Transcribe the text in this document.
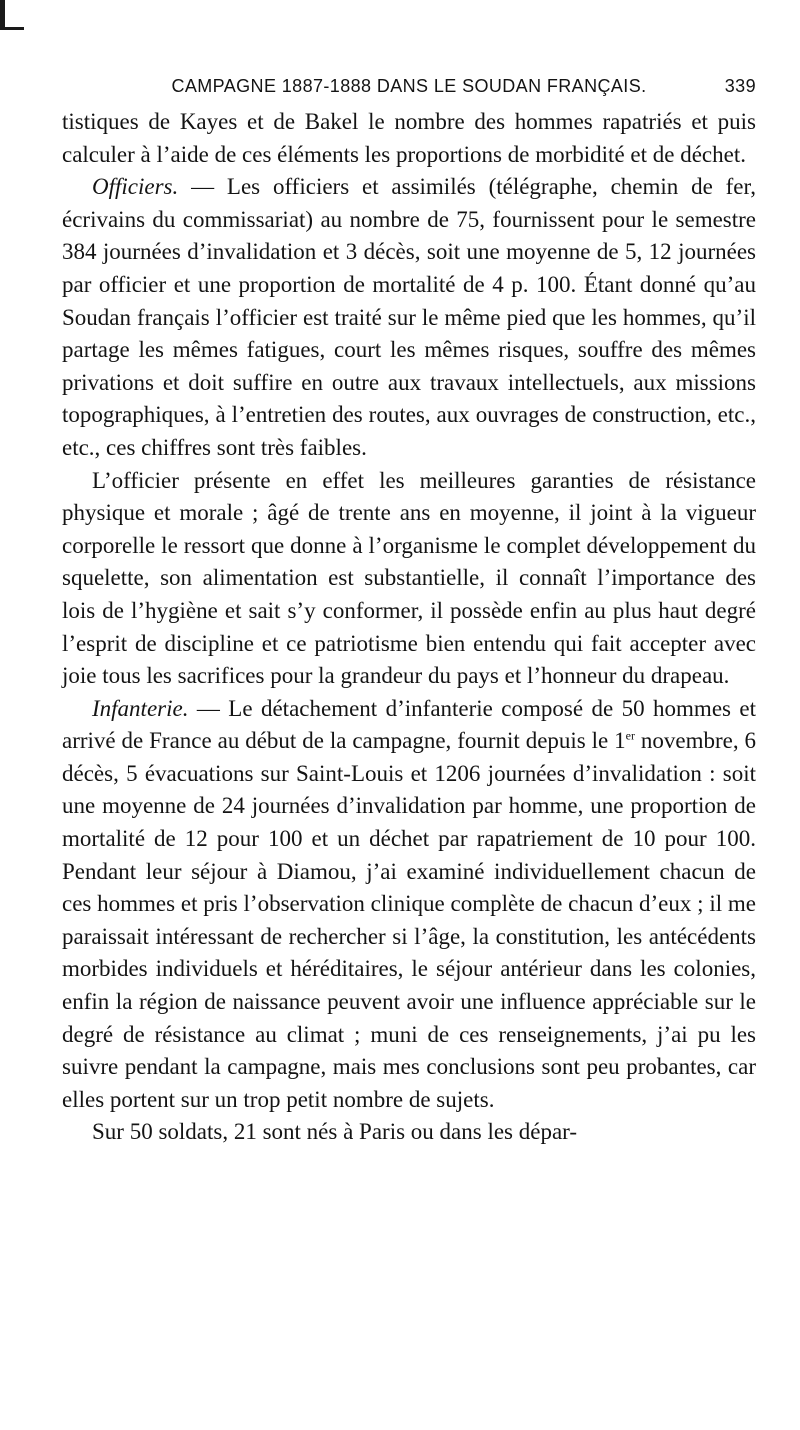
CAMPAGNE 1887-1888 DANS LE SOUDAN FRANÇAIS.	339

tistiques de Kayes et de Bakel le nombre des hommes rapatriés et puis calculer à l’aide de ces éléments les proportions de morbidité et de déchet.

Officiers. — Les officiers et assimilés (télégraphe, chemin de fer, écrivains du commissariat) au nombre de 75, fournissent pour le semestre 384 journées d’invalidation et 3 décès, soit une moyenne de 5, 12 journées par officier et une proportion de mortalité de 4 p. 100. Étant donné qu’au Soudan français l’officier est traité sur le même pied que les hommes, qu’il partage les mêmes fatigues, court les mêmes risques, souffre des mêmes privations et doit suffire en outre aux travaux intellectuels, aux missions topographiques, à l’entretien des routes, aux ouvrages de construction, etc., etc., ces chiffres sont très faibles.

L’officier présente en effet les meilleures garanties de résistance physique et morale ; âgé de trente ans en moyenne, il joint à la vigueur corporelle le ressort que donne à l’organisme le complet développement du squelette, son alimentation est substantielle, il connaît l’importance des lois de l’hygiène et sait s’y conformer, il possède enfin au plus haut degré l’esprit de discipline et ce patriotisme bien entendu qui fait accepter avec joie tous les sacrifices pour la grandeur du pays et l’honneur du drapeau.

Infanterie. — Le détachement d’infanterie composé de 50 hommes et arrivé de France au début de la campagne, fournit depuis le 1er novembre, 6 décès, 5 évacuations sur Saint-Louis et 1206 journées d’invalidation : soit une moyenne de 24 journées d’invalidation par homme, une proportion de mortalité de 12 pour 100 et un déchet par rapatriement de 10 pour 100. Pendant leur séjour à Diamou, j’ai examiné individuellement chacun de ces hommes et pris l’observation clinique complète de chacun d’eux ; il me paraissait intéressant de rechercher si l’âge, la constitution, les antécédents morbides individuels et héréditaires, le séjour antérieur dans les colonies, enfin la région de naissance peuvent avoir une influence appréciable sur le degré de résistance au climat ; muni de ces renseignements, j’ai pu les suivre pendant la campagne, mais mes conclusions sont peu probantes, car elles portent sur un trop petit nombre de sujets.

Sur 50 soldats, 21 sont nés à Paris ou dans les dépar-
